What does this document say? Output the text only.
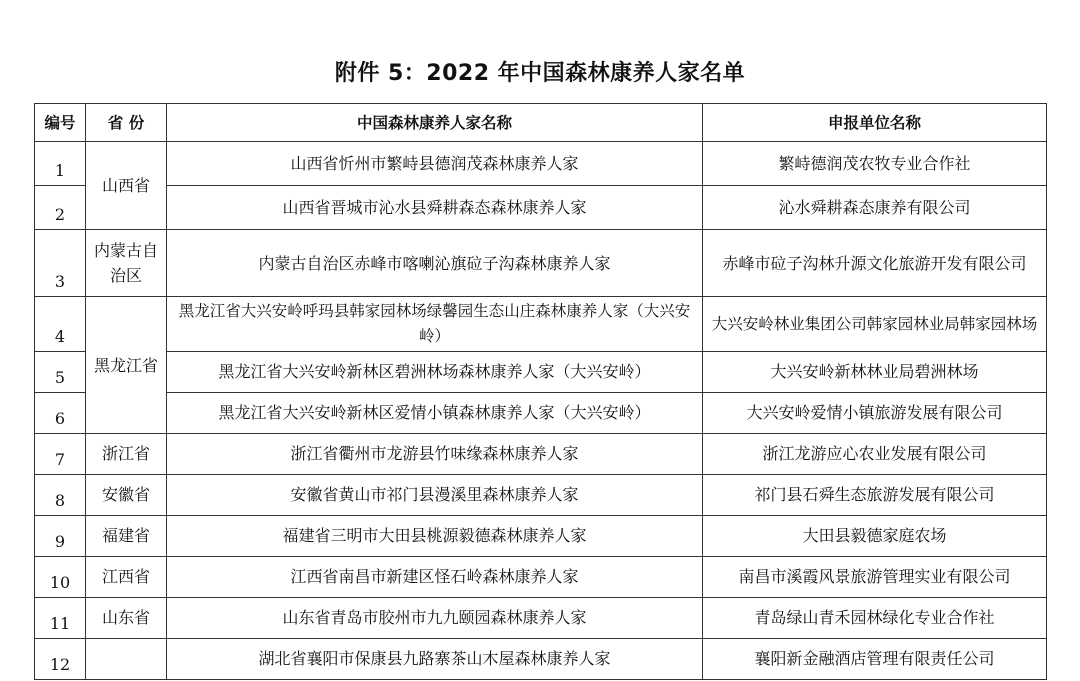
附件 5：2022 年中国森林康养人家名单
编号	省 份	中国森林康养人家名称	申报单位名称
1	山西省	山西省忻州市繁峙县德润茂森林康养人家	繁峙德润茂农牧专业合作社
2		山西省晋城市沁水县舜耕森态森林康养人家	沁水舜耕森态康养有限公司
3	内蒙古自治区	内蒙古自治区赤峰市喀喇沁旗砬子沟森林康养人家	赤峰市砬子沟林升源文化旅游开发有限公司
4	黑龙江省	黑龙江省大兴安岭呼玛县韩家园林场绿馨园生态山庄森林康养人家（大兴安岭）	大兴安岭林业集团公司韩家园林业局韩家园林场
5		黑龙江省大兴安岭新林区碧洲林场森林康养人家（大兴安岭）	大兴安岭新林林业局碧洲林场
6		黑龙江省大兴安岭新林区爱情小镇森林康养人家（大兴安岭）	大兴安岭爱情小镇旅游发展有限公司
7	浙江省	浙江省衢州市龙游县竹味缘森林康养人家	浙江龙游应心农业发展有限公司
8	安徽省	安徽省黄山市祁门县漫溪里森林康养人家	祁门县石舜生态旅游发展有限公司
9	福建省	福建省三明市大田县桃源毅德森林康养人家	大田县毅德家庭农场
10	江西省	江西省南昌市新建区怪石岭森林康养人家	南昌市溪霞风景旅游管理实业有限公司
11	山东省	山东省青岛市胶州市九九颐园森林康养人家	青岛绿山青禾园林绿化专业合作社
12		湖北省襄阳市保康县九路寨茶山木屋森林康养人家	襄阳新金融酒店管理有限责任公司
